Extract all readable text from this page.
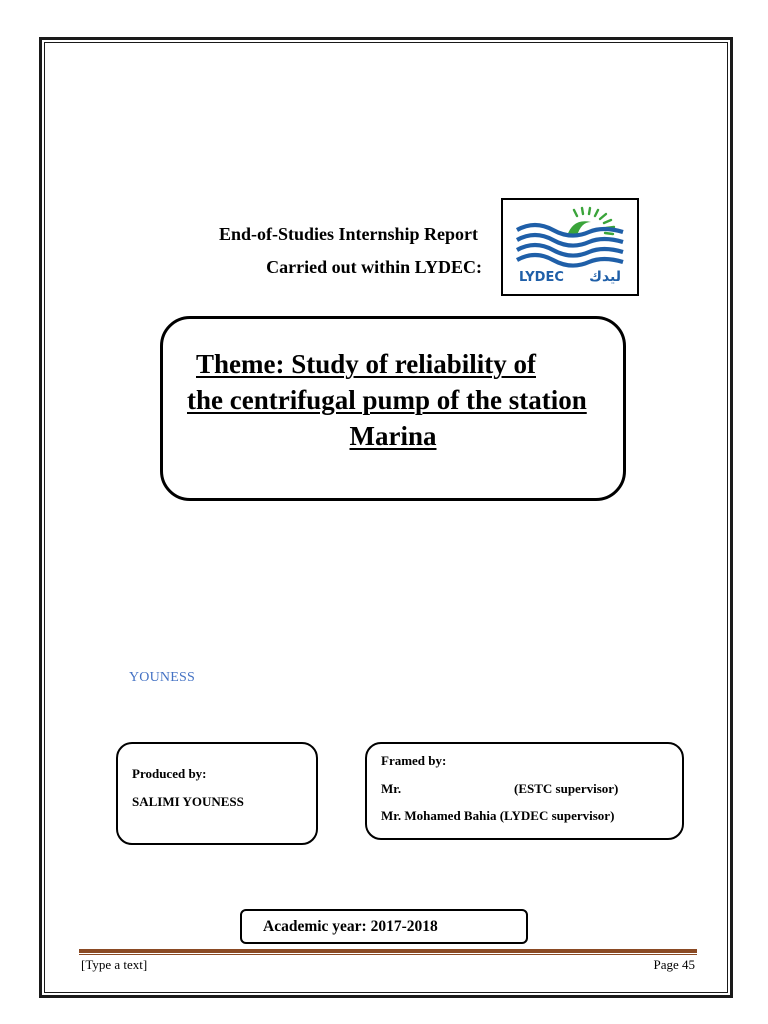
End-of-Studies Internship Report
Carried out within LYDEC:
LYDEC ليدك
Theme: Study of reliability of
the centrifugal pump of the station
Marina
YOUNESS
Produced by:
SALIMI YOUNESS
Framed by:
Mr.	(ESTC supervisor)
Mr. Mohamed Bahia (LYDEC supervisor)
Academic year: 2017-2018
[Type a text]	Page 45
